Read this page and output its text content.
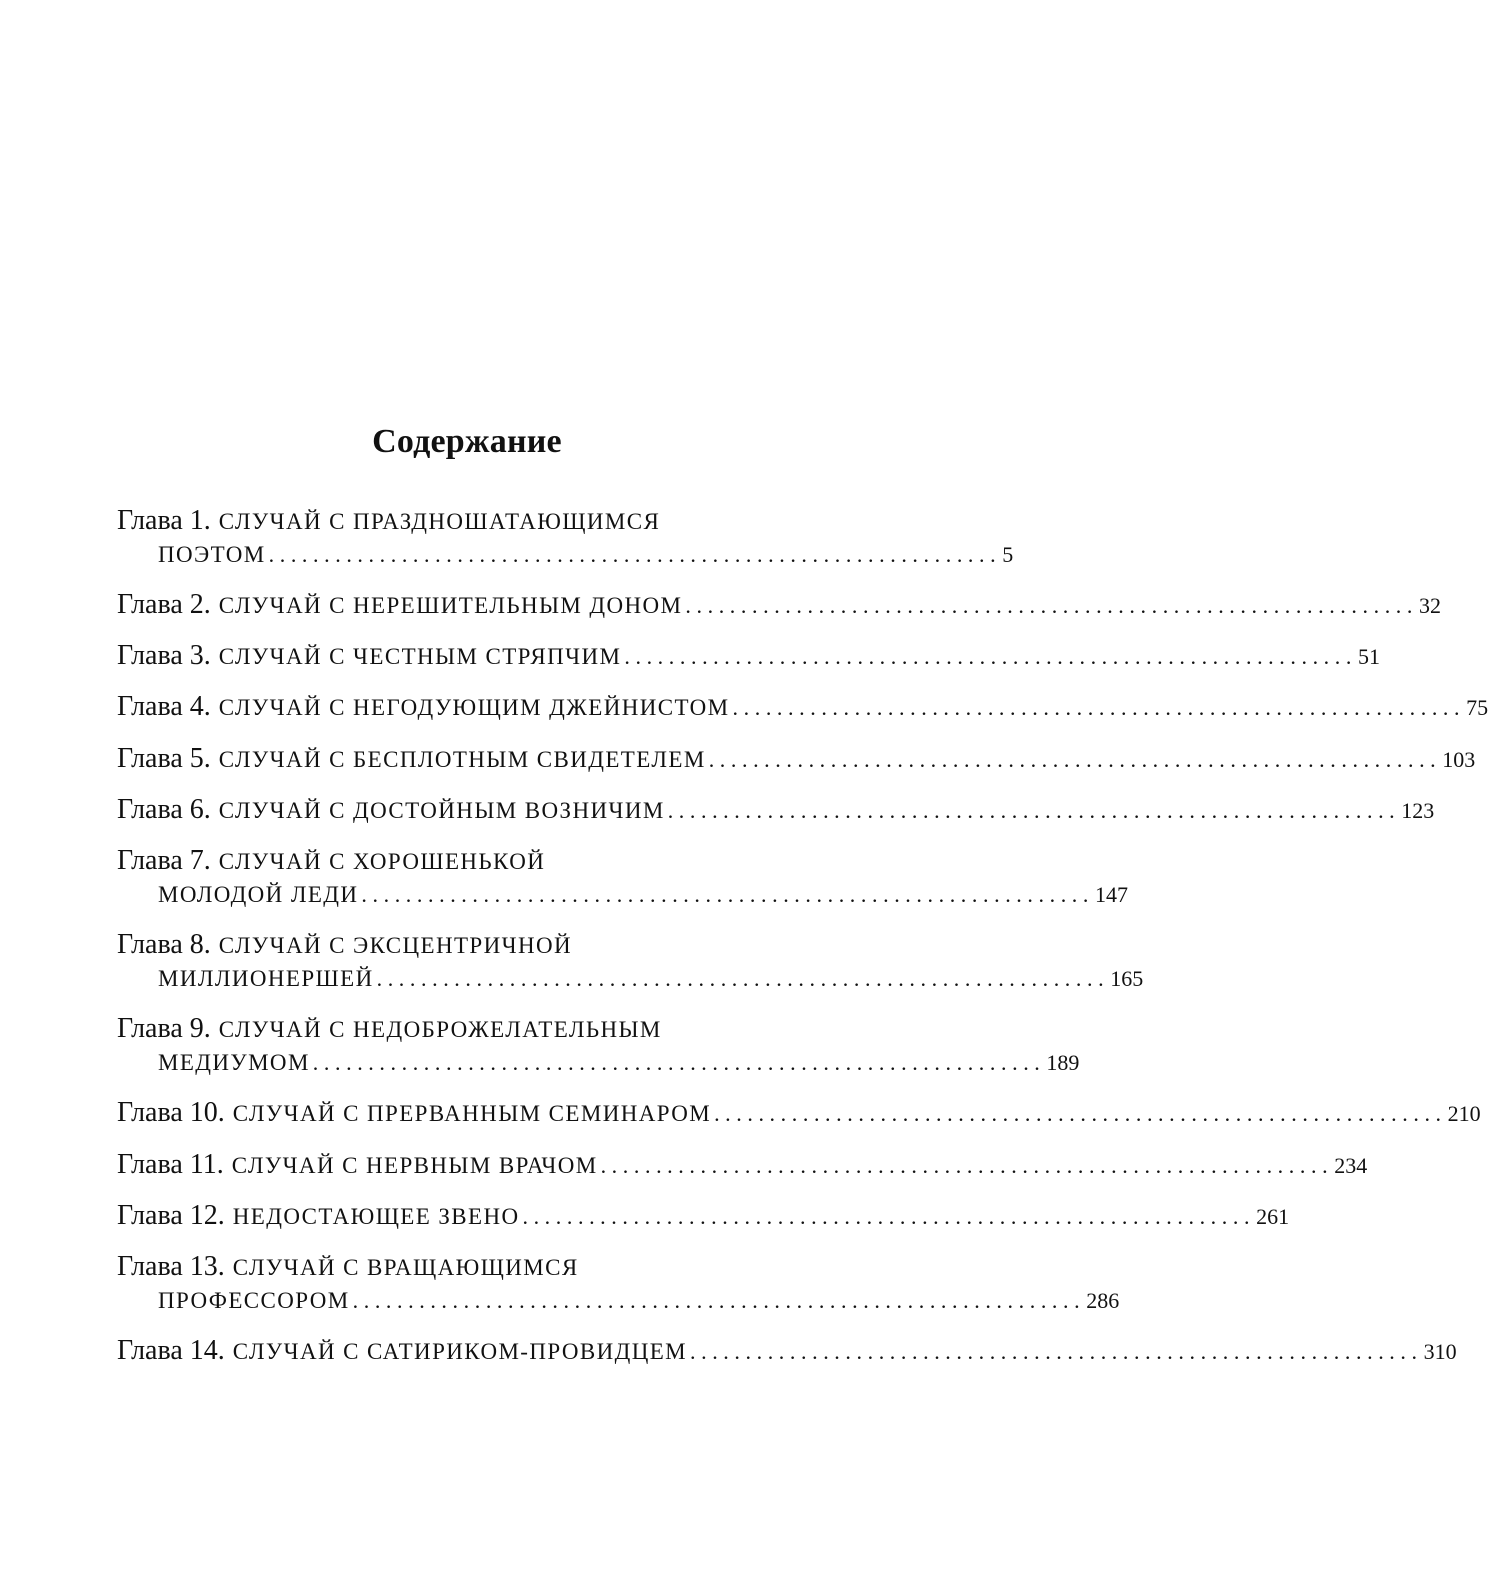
Содержание
Глава 1. СЛУЧАЙ С ПРАЗДНОШАТАЮЩИМСЯ
ПОЭТОМ .................................................................. 5
Глава 2. СЛУЧАЙ С НЕРЕШИТЕЛЬНЫМ ДОНОМ .................................................................. 32
Глава 3. СЛУЧАЙ С ЧЕСТНЫМ СТРЯПЧИМ .................................................................. 51
Глава 4. СЛУЧАЙ С НЕГОДУЮЩИМ ДЖЕЙНИСТОМ .................................................................. 75
Глава 5. СЛУЧАЙ С БЕСПЛОТНЫМ СВИДЕТЕЛЕМ .................................................................. 103
Глава 6. СЛУЧАЙ С ДОСТОЙНЫМ ВОЗНИЧИМ .................................................................. 123
Глава 7. СЛУЧАЙ С ХОРОШЕНЬКОЙ
МОЛОДОЙ ЛЕДИ .................................................................. 147
Глава 8. СЛУЧАЙ С ЭКСЦЕНТРИЧНОЙ
МИЛЛИОНЕРШЕЙ .................................................................. 165
Глава 9. СЛУЧАЙ С НЕДОБРОЖЕЛАТЕЛЬНЫМ
МЕДИУМОМ .................................................................. 189
Глава 10. СЛУЧАЙ С ПРЕРВАННЫМ СЕМИНАРОМ .................................................................. 210
Глава 11. СЛУЧАЙ С НЕРВНЫМ ВРАЧОМ .................................................................. 234
Глава 12. НЕДОСТАЮЩЕЕ ЗВЕНО .................................................................. 261
Глава 13. СЛУЧАЙ С ВРАЩАЮЩИМСЯ
ПРОФЕССОРОМ .................................................................. 286
Глава 14. СЛУЧАЙ С САТИРИКОМ-ПРОВИДЦЕМ .................................................................. 310
